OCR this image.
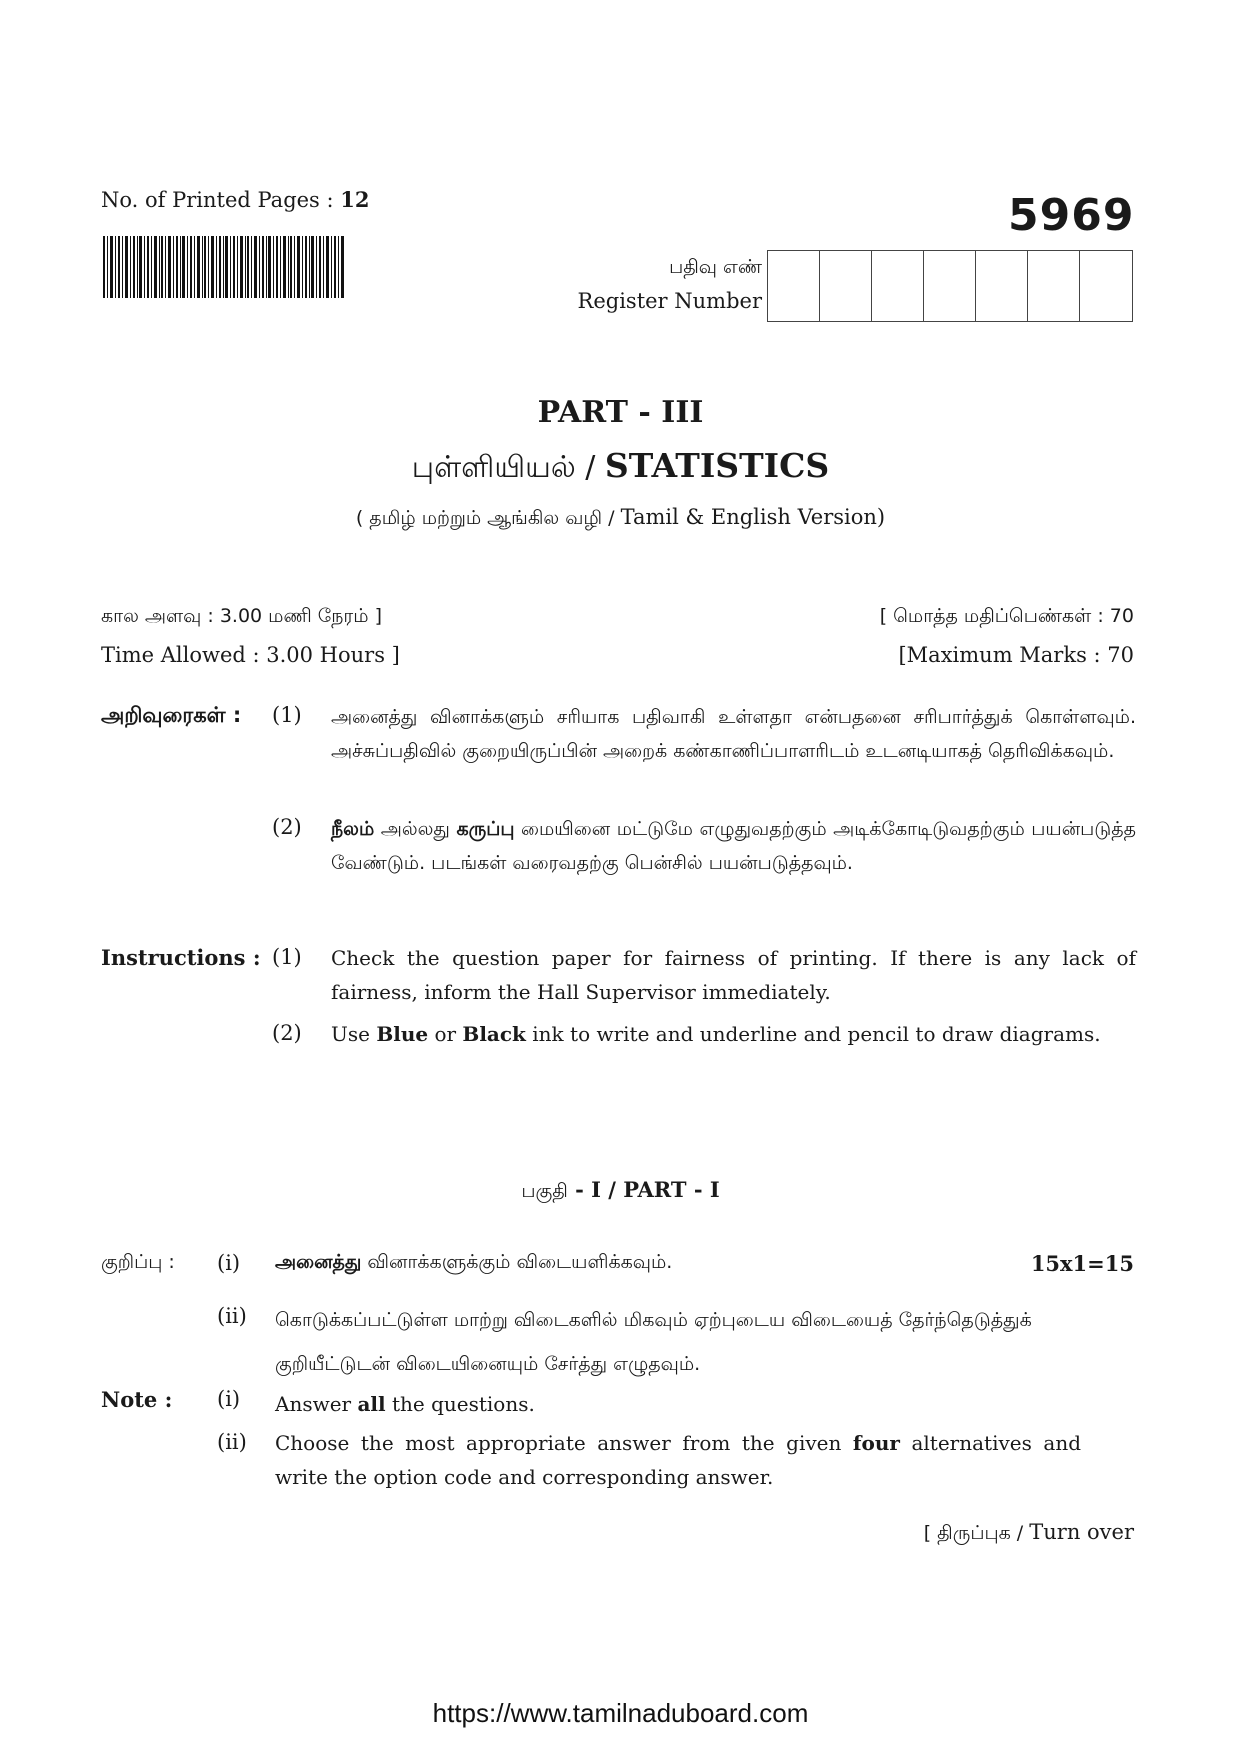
No. of Printed Pages : 12	5969
பதிவு எண்
Register Number
PART - III
புள்ளியியல் / STATISTICS
( தமிழ் மற்றும் ஆங்கில வழி / Tamil & English Version)
கால அளவு : 3.00 மணி நேரம் ]	[ மொத்த மதிப்பெண்கள் : 70
Time Allowed : 3.00 Hours ]	[Maximum Marks : 70
அறிவுரைகள் : (1) அனைத்து வினாக்களும் சரியாக பதிவாகி உள்ளதா என்பதனை சரிபார்த்துக் கொள்ளவும். அச்சுப்பதிவில் குறையிருப்பின் அறைக் கண்காணிப்பாளரிடம் உடனடியாகத் தெரிவிக்கவும்.
(2) நீலம் அல்லது கருப்பு மையினை மட்டுமே எழுதுவதற்கும் அடிக்கோடிடுவதற்கும் பயன்படுத்த வேண்டும். படங்கள் வரைவதற்கு பென்சில் பயன்படுத்தவும்.
Instructions : (1) Check the question paper for fairness of printing. If there is any lack of fairness, inform the Hall Supervisor immediately.
(2) Use Blue or Black ink to write and underline and pencil to draw diagrams.
பகுதி - I / PART - I
குறிப்பு : (i) அனைத்து வினாக்களுக்கும் விடையளிக்கவும்.	15x1=15
(ii) கொடுக்கப்பட்டுள்ள மாற்று விடைகளில் மிகவும் ஏற்புடைய விடையைத் தேர்ந்தெடுத்துக் குறியீட்டுடன் விடையினையும் சேர்த்து எழுதவும்.
Note : (i) Answer all the questions.
(ii) Choose the most appropriate answer from the given four alternatives and write the option code and corresponding answer.
[ திருப்புக / Turn over
https://www.tamilnaduboard.com
